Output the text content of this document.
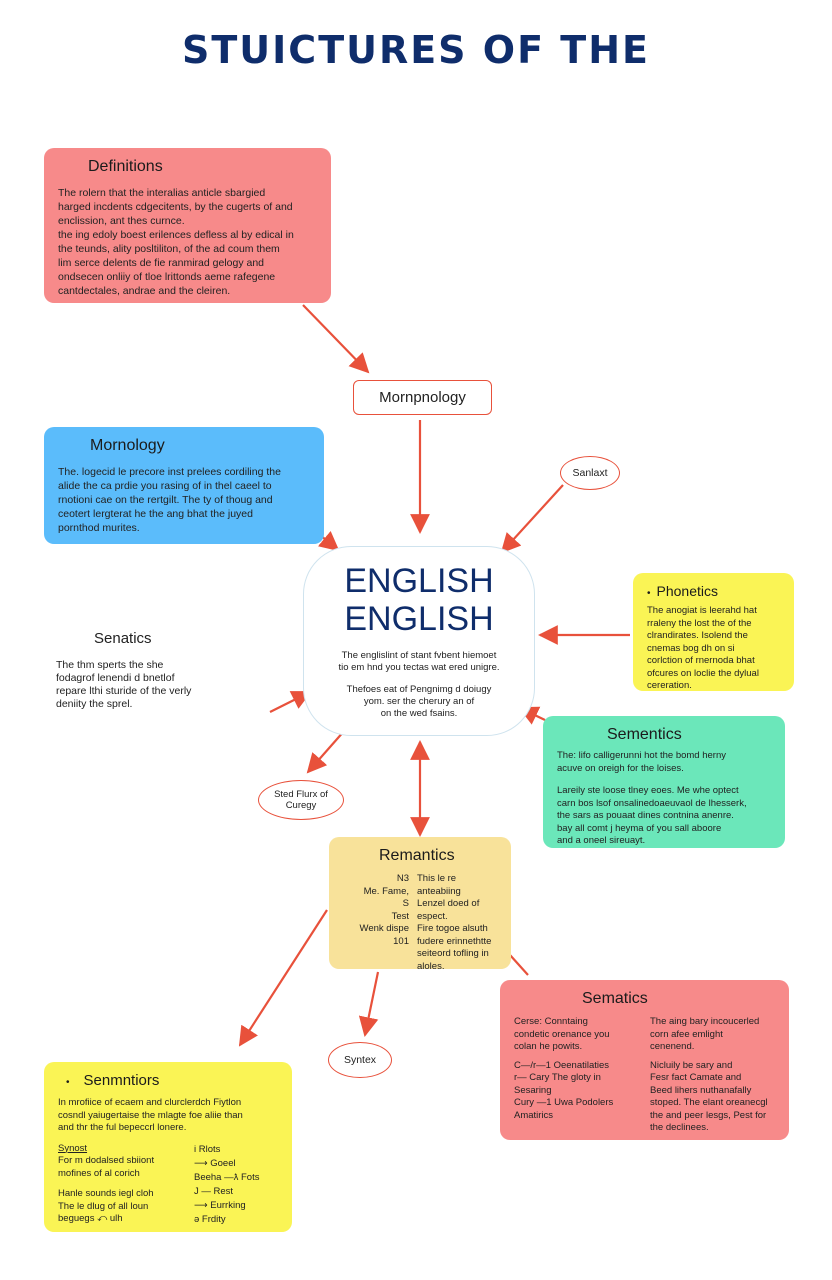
STUICTURES OF THE
Definitions

The rolern that the interalias anticle sbargied

harged incdents cdgecitents, by the cugerts of and

enclission, ant thes curnce.

the ing edoly boest erilences defless al by edical in

the teunds, ality posltiliton, of the ad coum them

lim serce delents de fie ranmirad gelogy and

ondsecen onliiy of tloe lrittonds aeme rafegene

cantdectales, andrae and the cleiren.

Mornpnology
Mornology

The. logecid le precore inst prelees cordiling the

alide the ca prdie you rasing of in thel caeel to

rnotioni cae on the rertgilt. The ty of thoug and

ceotert lergterat he the ang bhat the juyed

pornthod murites.

Sanlaxt
ENGLISH
ENGLISH
The englislint of stant fvbent hiemoet
tio em hnd you tectas wat ered unigre.
Thefoes eat of Pengnimg d doiugy
yom. ser the cherury an of
on the wed fsains.
• Phonetics

The anogiat is leerahd hat

rraleny the lost the of the

clrandirates. Isolend the

cnemas bog dh on si

corlction of rnernoda bhat

ofcures on loclie the dylual

cereration.

Senatics

The thm sperts the she

fodagrof lenendi d bnetlof

repare lthi sturide of the verly

deniity the sprel.

Sementics

The: lifo calligerunni hot the bomd herny

acuve on oreigh for the loises.

Lareily ste loose tlney eoes. Me whe optect

carn bos lsof onsalinedoaeuvaol de lhesserk,

the sars as pouaat dines contnina anenre.

bay all comt j heyma of you sall aboore

and a oneel sireuayt.

Sted Flurx of
Curegy
Remantics
N3
Me. Fame,
S
Test
Wenk dispe
101
This le re anteabiing
Lenzel doed of
espect.
Fire togoe alsuth
fudere erinnethtte
seiteord tofling in
aloles.
Sematics
Cerse: Conntaing
condetic orenance you
colan he powits.
C—/r—1 Oeenatilaties
r— Cary The gloty in
Sesaring
Cury —1 Uwa Podolers
Amatirics
The aing bary incoucerled
corn afee emlight
cenenend.
Nicluily be sary and
Fesr fact Camate and
Beed lihers nuthanafally
stoped. The elant oreanecgl
the and peer lesgs, Pest for
the declinees.
Syntex
• Senmntiors

In mrofiice of ecaem and clurclerdch Fiytlon

cosndl yaiugertaise the mlagte foe aliie than

and thr the ful bepeccrl lonere.

Synost
For m dodalsed sbiiont
mofines of al corich
Hanle sounds iegl cloh
The le dlug of all loun
beguegs ⤺ ulh
i Rlots
⟶ Goeel
Beeha —ƛ Fots
J — Rest
⟶ Eurrking
ə Frdity
